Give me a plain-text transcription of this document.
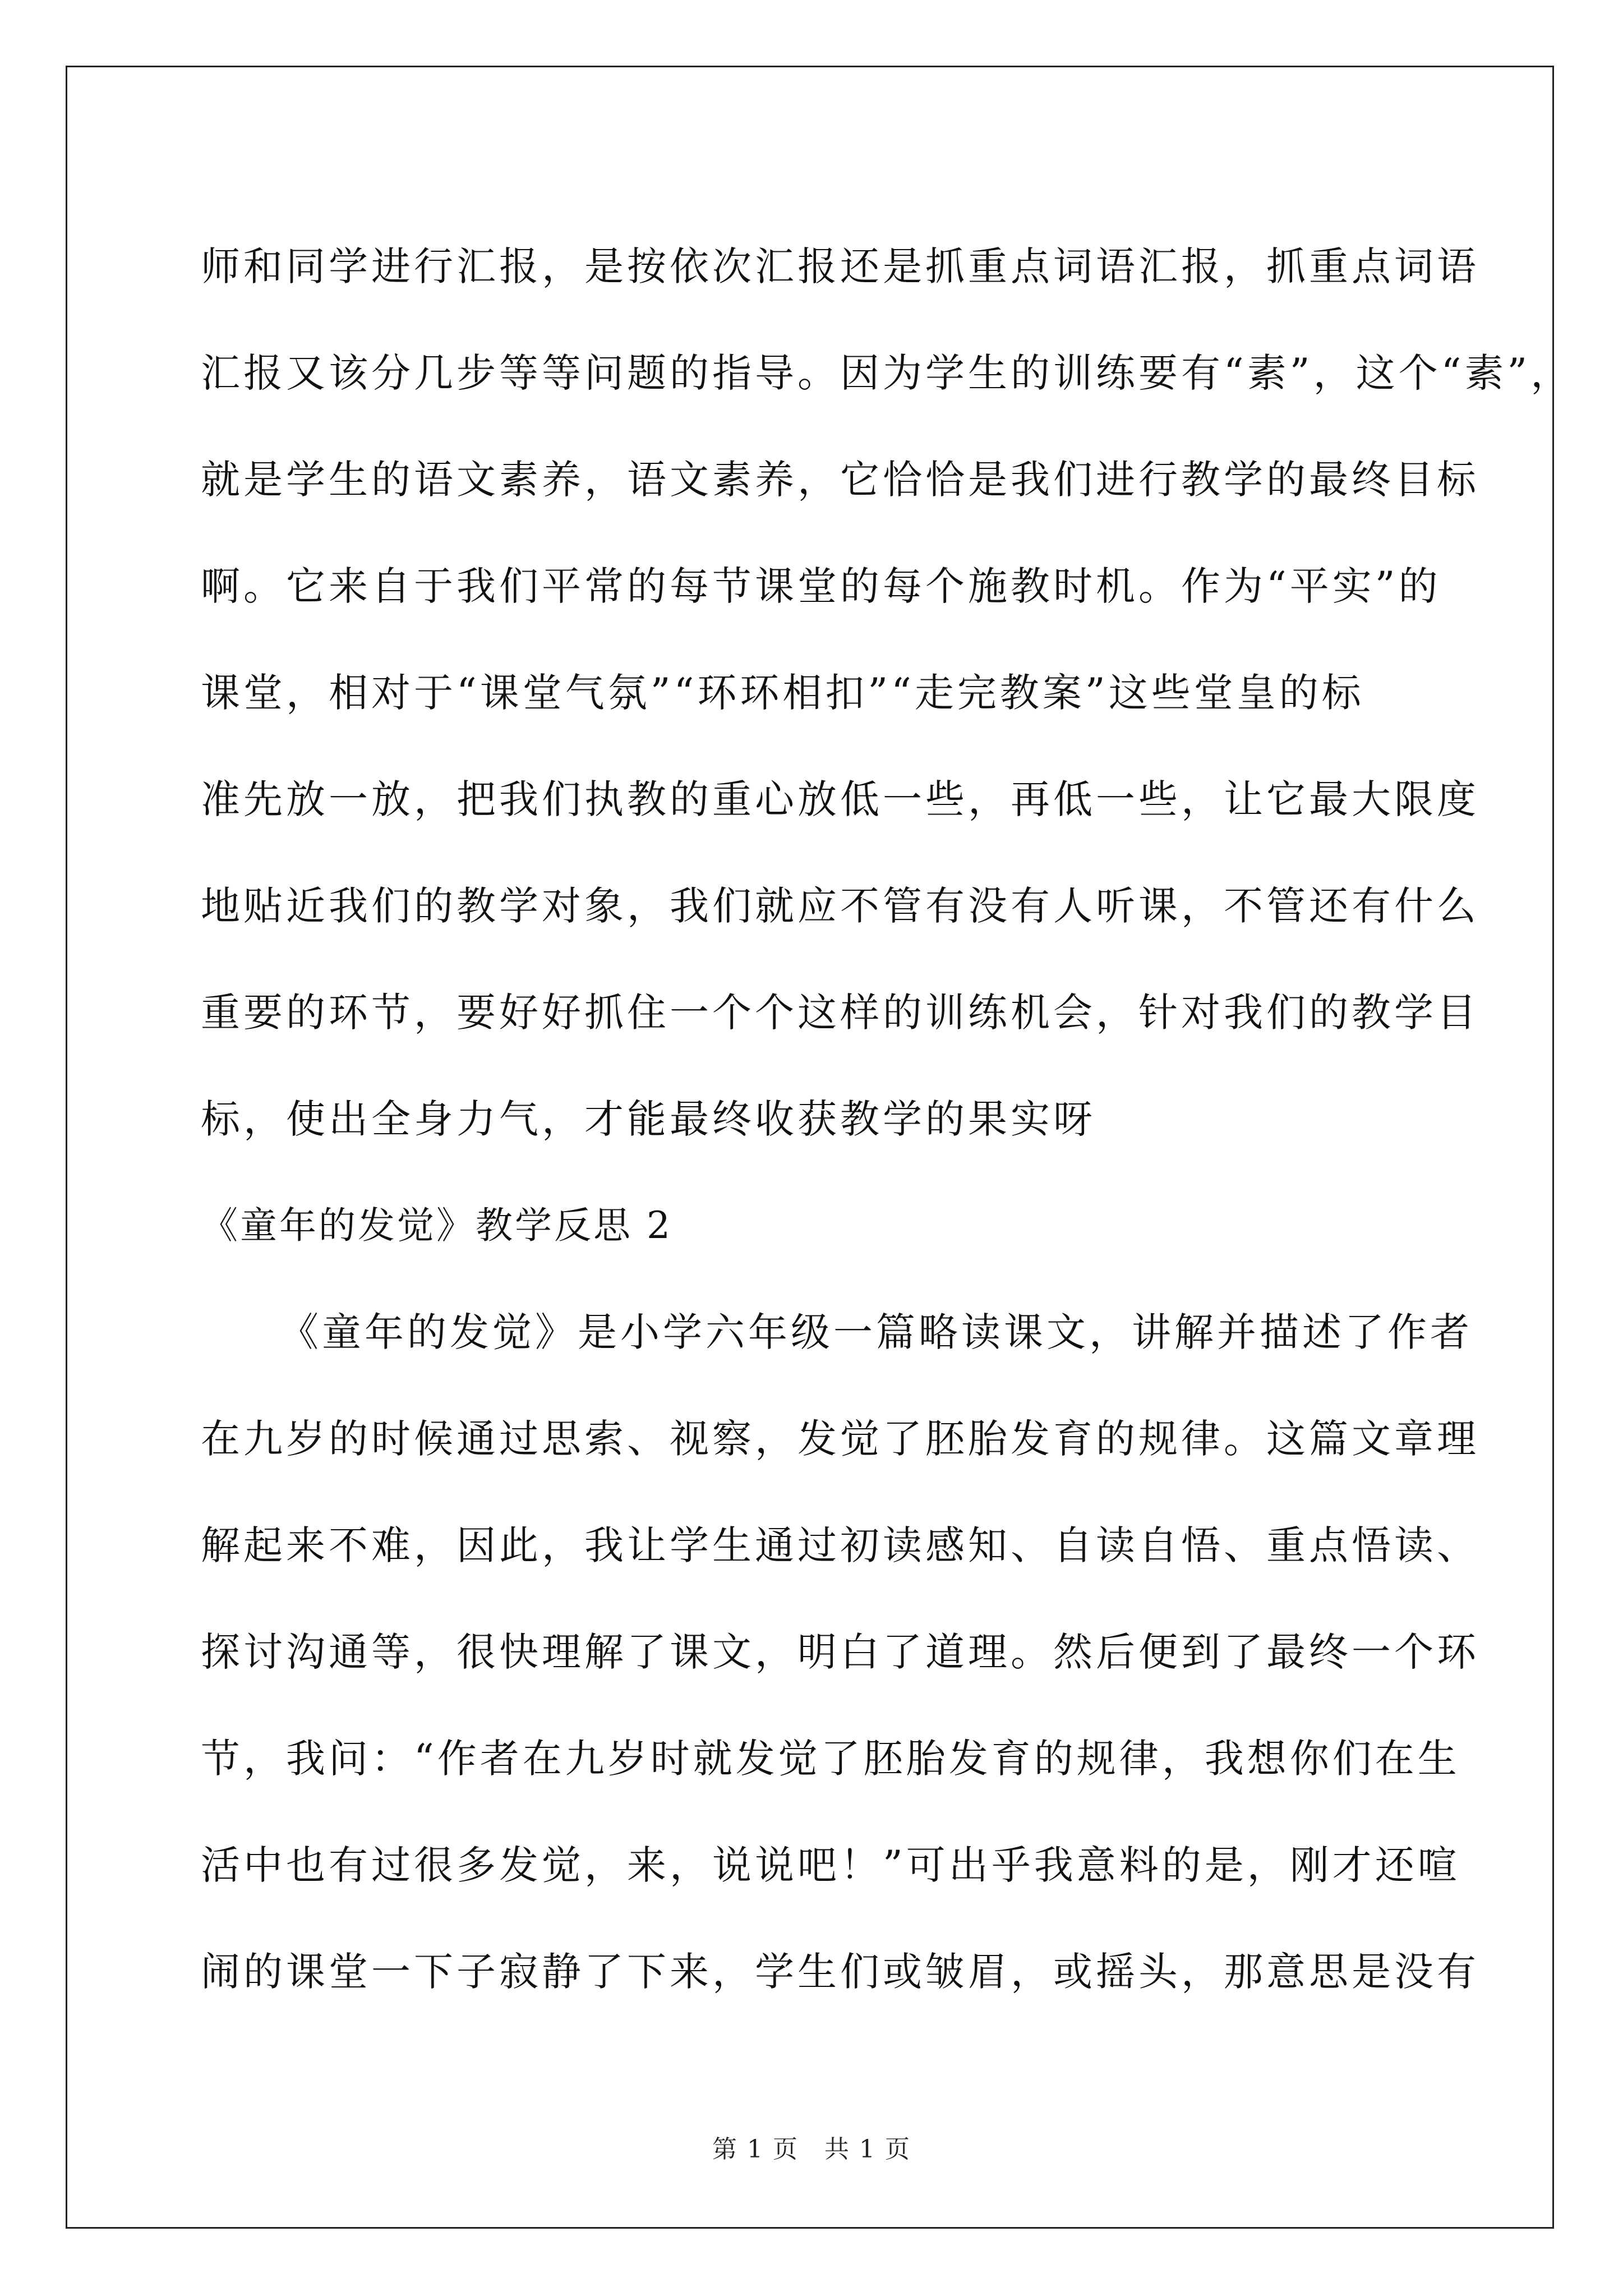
师和同学进行汇报，是按依次汇报还是抓重点词语汇报，抓重点词语
汇报又该分几步等等问题的指导。因为学生的训练要有“素”，这个“素”，
就是学生的语文素养，语文素养，它恰恰是我们进行教学的最终目标
啊。它来自于我们平常的每节课堂的每个施教时机。作为“平实”的
课堂，相对于“课堂气氛”“环环相扣”“走完教案”这些堂皇的标
准先放一放，把我们执教的重心放低一些，再低一些，让它最大限度
地贴近我们的教学对象，我们就应不管有没有人听课，不管还有什么
重要的环节，要好好抓住一个个这样的训练机会，针对我们的教学目
标，使出全身力气，才能最终收获教学的果实呀
《童年的发觉》教学反思 2
《童年的发觉》是小学六年级一篇略读课文，讲解并描述了作者
在九岁的时候通过思索、视察，发觉了胚胎发育的规律。这篇文章理
解起来不难，因此，我让学生通过初读感知、自读自悟、重点悟读、
探讨沟通等，很快理解了课文，明白了道理。然后便到了最终一个环
节，我问：“作者在九岁时就发觉了胚胎发育的规律，我想你们在生
活中也有过很多发觉，来，说说吧！”可出乎我意料的是，刚才还喧
闹的课堂一下子寂静了下来，学生们或皱眉，或摇头，那意思是没有
第 1 页　共 1 页
